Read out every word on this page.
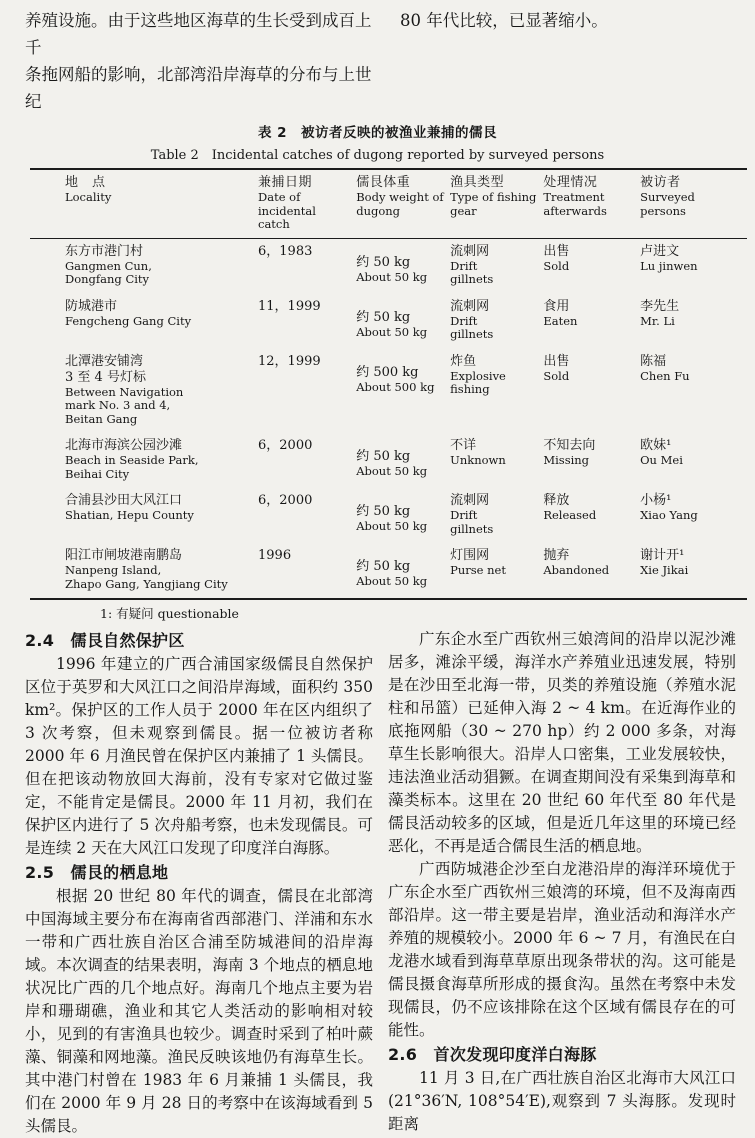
养殖设施。由于这些地区海草的生长受到成百上千
条拖网船的影响，北部湾沿岸海草的分布与上世纪
80 年代比较，已显著缩小。
表 2　被访者反映的被渔业兼捕的儒艮
Table 2　Incidental catches of dugong reported by surveyed persons
地　点
Locality
兼捕日期
Date of incidental catch
儒艮体重
Body weight of dugong
渔具类型
Type of fishing gear
处理情况
Treatment afterwards
被访者
Surveyed persons
东方市港门村
Gangmen Cun,
Dongfang City
6，1983
约 50 kg
About 50 kg
流刺网
Drift
gillnets
出售
Sold
卢进文
Lu jinwen
防城港市
Fengcheng Gang City
11，1999
约 50 kg
About 50 kg
流刺网
Drift
gillnets
食用
Eaten
李先生
Mr. Li
北潭港安铺湾
3 至 4 号灯标
Between Navigation
mark No. 3 and 4,
Beitan Gang
12，1999
约 500 kg
About 500 kg
炸鱼
Explosive
fishing
出售
Sold
陈福
Chen Fu
北海市海滨公园沙滩
Beach in Seaside Park,
Beihai City
6，2000
约 50 kg
About 50 kg
不详
Unknown
不知去向
Missing
欧妹¹
Ou Mei
合浦县沙田大风江口
Shatian, Hepu County
6，2000
约 50 kg
About 50 kg
流刺网
Drift
gillnets
释放
Released
小杨¹
Xiao Yang
阳江市闸坡港南鹏岛
Nanpeng Island,
Zhapo Gang, Yangjiang City
1996
约 50 kg
About 50 kg
灯围网
Purse net
抛弃
Abandoned
谢计开¹
Xie Jikai
1: 有疑问 questionable
2.4　儒艮自然保护区
1996 年建立的广西合浦国家级儒艮自然保护区位于英罗和大风江口之间沿岸海域，面积约 350 km²。保护区的工作人员于 2000 年在区内组织了 3 次考察，但未观察到儒艮。据一位被访者称 2000 年 6 月渔民曾在保护区内兼捕了 1 头儒艮。但在把该动物放回大海前，没有专家对它做过鉴定，不能肯定是儒艮。2000 年 11 月初，我们在保护区内进行了 5 次舟船考察，也未发现儒艮。可是连续 2 天在大风江口发现了印度洋白海豚。
2.5　儒艮的栖息地
根据 20 世纪 80 年代的调查，儒艮在北部湾中国海域主要分布在海南省西部港门、洋浦和东水一带和广西壮族自治区合浦至防城港间的沿岸海域。本次调查的结果表明，海南 3 个地点的栖息地状况比广西的几个地点好。海南几个地点主要为岩岸和珊瑚礁，渔业和其它人类活动的影响相对较小，见到的有害渔具也较少。调查时采到了柏叶蕨藻、铜藻和网地藻。渔民反映该地仍有海草生长。其中港门村曾在 1983 年 6 月兼捕 1 头儒艮，我们在 2000 年 9 月 28 日的考察中在该海域看到 5 头儒艮。
广东企水至广西钦州三娘湾间的沿岸以泥沙滩居多，滩涂平缓，海洋水产养殖业迅速发展，特别是在沙田至北海一带，贝类的养殖设施（养殖水泥柱和吊篮）已延伸入海 2 ~ 4 km。在近海作业的底拖网船（30 ~ 270 hp）约 2 000 多条，对海草生长影响很大。沿岸人口密集，工业发展较快，违法渔业活动猖獗。在调查期间没有采集到海草和藻类标本。这里在 20 世纪 60 年代至 80 年代是儒艮活动较多的区域，但是近几年这里的环境已经恶化，不再是适合儒艮生活的栖息地。
广西防城港企沙至白龙港沿岸的海洋环境优于广东企水至广西钦州三娘湾的环境，但不及海南西部沿岸。这一带主要是岩岸，渔业活动和海洋水产养殖的规模较小。2000 年 6 ~ 7 月，有渔民在白龙港水域看到海草草原出现条带状的沟。这可能是儒艮摄食海草所形成的摄食沟。虽然在考察中未发现儒艮，仍不应该排除在这个区域有儒艮存在的可能性。
2.6　首次发现印度洋白海豚
11 月 3 日,在广西壮族自治区北海市大风江口(21°36′N, 108°54′E),观察到 7 头海豚。发现时距离
